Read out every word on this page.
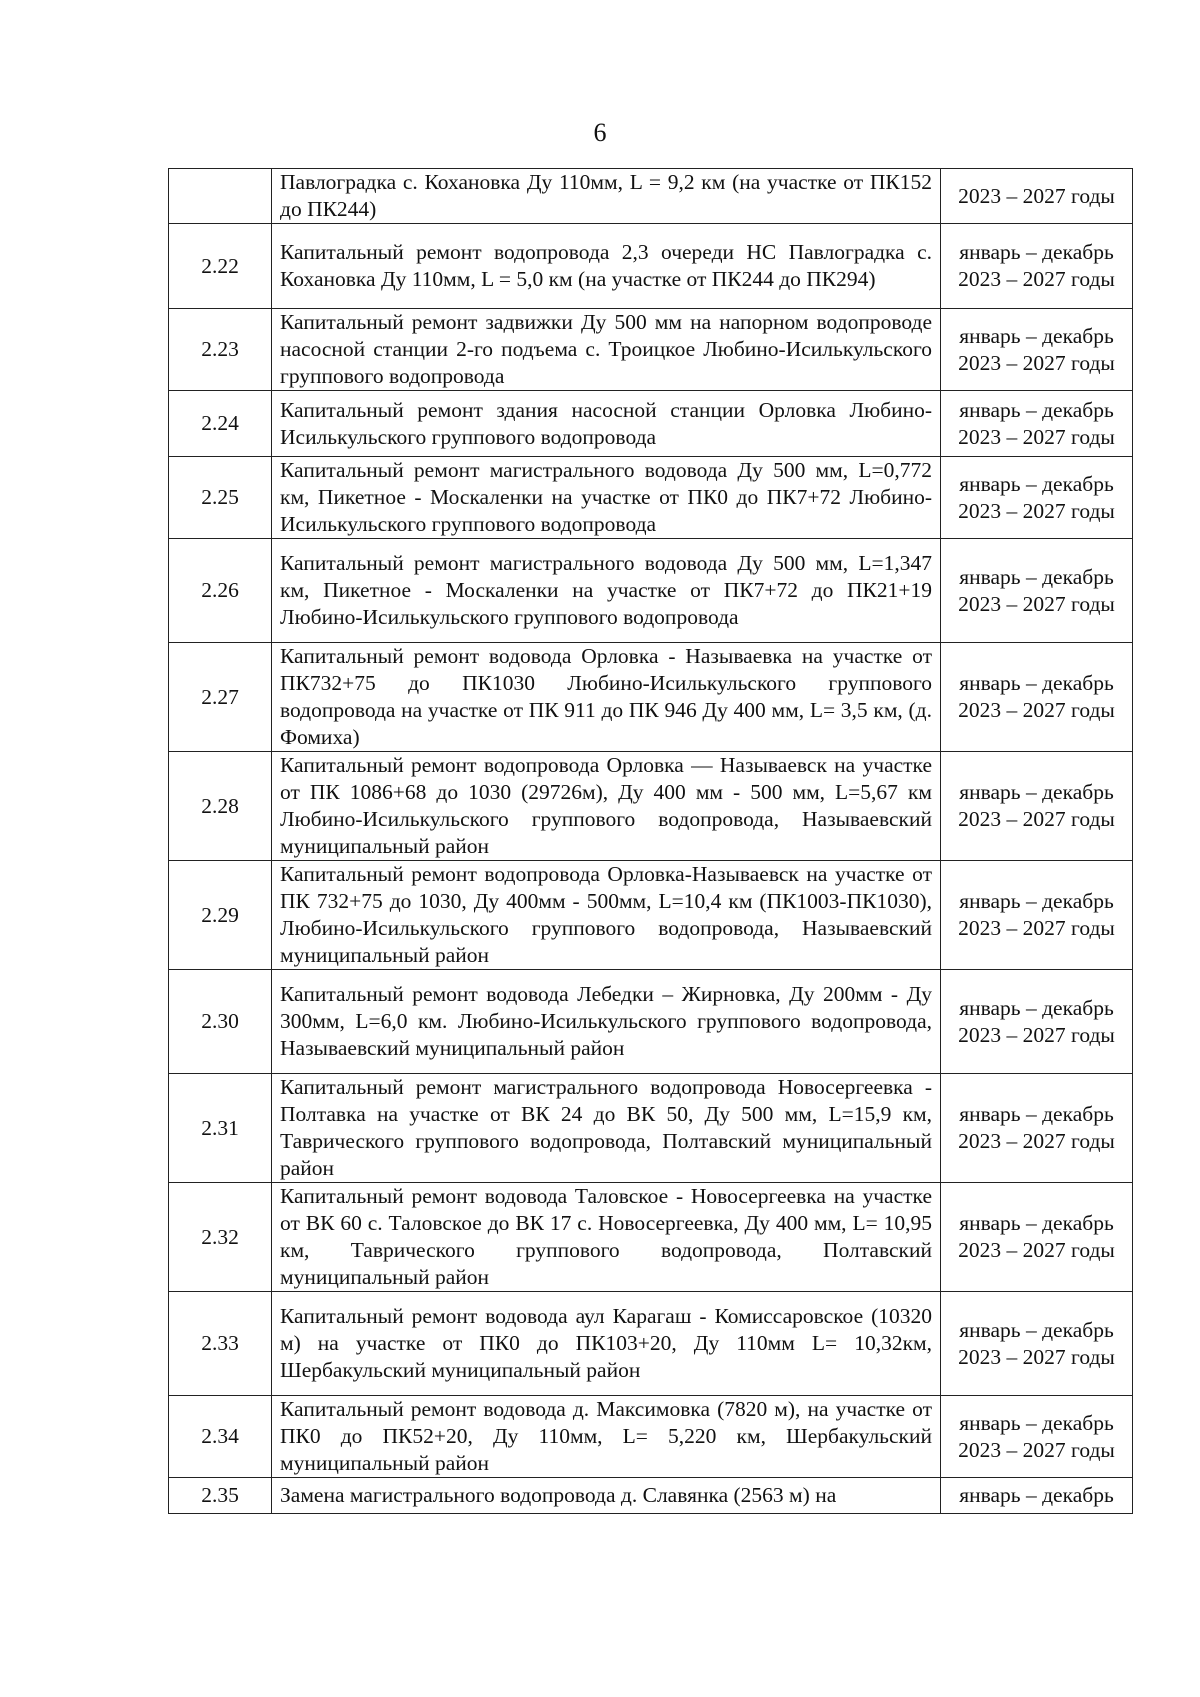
6
	Павлоградка с. Кохановка Ду 110мм, L = 9,2 км (на участке от ПК152 до ПК244)	2023 – 2027 годы

2.22	Капитальный ремонт водопровода 2,3 очереди НС Павлоградка с. Кохановка Ду 110мм, L = 5,0 км (на участке от ПК244 до ПК294)	январь – декабрь
2023 – 2027 годы

2.23	Капитальный ремонт задвижки Ду 500 мм на напорном водопроводе насосной станции 2-го подъема с. Троицкое Любино-Исилькульского группового водопровода	январь – декабрь
2023 – 2027 годы

2.24	Капитальный ремонт здания насосной станции Орловка Любино-Исилькульского группового водопровода	январь – декабрь
2023 – 2027 годы

2.25	Капитальный ремонт магистрального водовода Ду 500 мм, L=0,772 км, Пикетное - Москаленки на участке от ПК0 до ПК7+72 Любино-Исилькульского группового водопровода	январь – декабрь
2023 – 2027 годы

2.26	Капитальный ремонт магистрального водовода Ду 500 мм, L=1,347 км, Пикетное - Москаленки на участке от ПК7+72 до ПК21+19 Любино-Исилькульского группового водопровода	январь – декабрь
2023 – 2027 годы

2.27	Капитальный ремонт водовода Орловка - Называевка на участке от ПК732+75 до ПК1030 Любино-Исилькульского группового водопровода на участке от ПК 911 до ПК 946 Ду 400 мм, L= 3,5 км, (д. Фомиха)	январь – декабрь
2023 – 2027 годы

2.28	Капитальный ремонт водопровода Орловка — Называевск на участке от ПК 1086+68 до 1030 (29726м), Ду 400 мм - 500 мм, L=5,67 км Любино-Исилькульского группового водопровода, Называевский муниципальный район	январь – декабрь
2023 – 2027 годы

2.29	Капитальный ремонт водопровода Орловка-Называевск на участке от ПК 732+75 до 1030, Ду 400мм - 500мм, L=10,4 км (ПК1003-ПК1030), Любино-Исилькульского группового водопровода, Называевский муниципальный район	январь – декабрь
2023 – 2027 годы

2.30	Капитальный ремонт водовода Лебедки – Жирновка, Ду 200мм - Ду 300мм, L=6,0 км. Любино-Исилькульского группового водопровода, Называевский муниципальный район	январь – декабрь
2023 – 2027 годы

2.31	Капитальный ремонт магистрального водопровода Новосергеевка - Полтавка на участке от ВК 24 до ВК 50, Ду 500 мм, L=15,9 км, Таврического группового водопровода, Полтавский муниципальный район	январь – декабрь
2023 – 2027 годы

2.32	Капитальный ремонт водовода Таловское - Новосергеевка на участке от ВК 60 с. Таловское до ВК 17 с. Новосергеевка, Ду 400 мм, L= 10,95 км, Таврического группового водопровода, Полтавский муниципальный район	январь – декабрь
2023 – 2027 годы

2.33	Капитальный ремонт водовода аул Карагаш - Комиссаровское (10320 м) на участке от ПК0 до ПК103+20, Ду 110мм L= 10,32км, Шербакульский муниципальный район	январь – декабрь
2023 – 2027 годы

2.34	Капитальный ремонт водовода д. Максимовка (7820 м), на участке от ПК0 до ПК52+20, Ду 110мм, L= 5,220 км, Шербакульский муниципальный район	январь – декабрь
2023 – 2027 годы

2.35	Замена магистрального водопровода д. Славянка (2563 м) на	январь – декабрь
